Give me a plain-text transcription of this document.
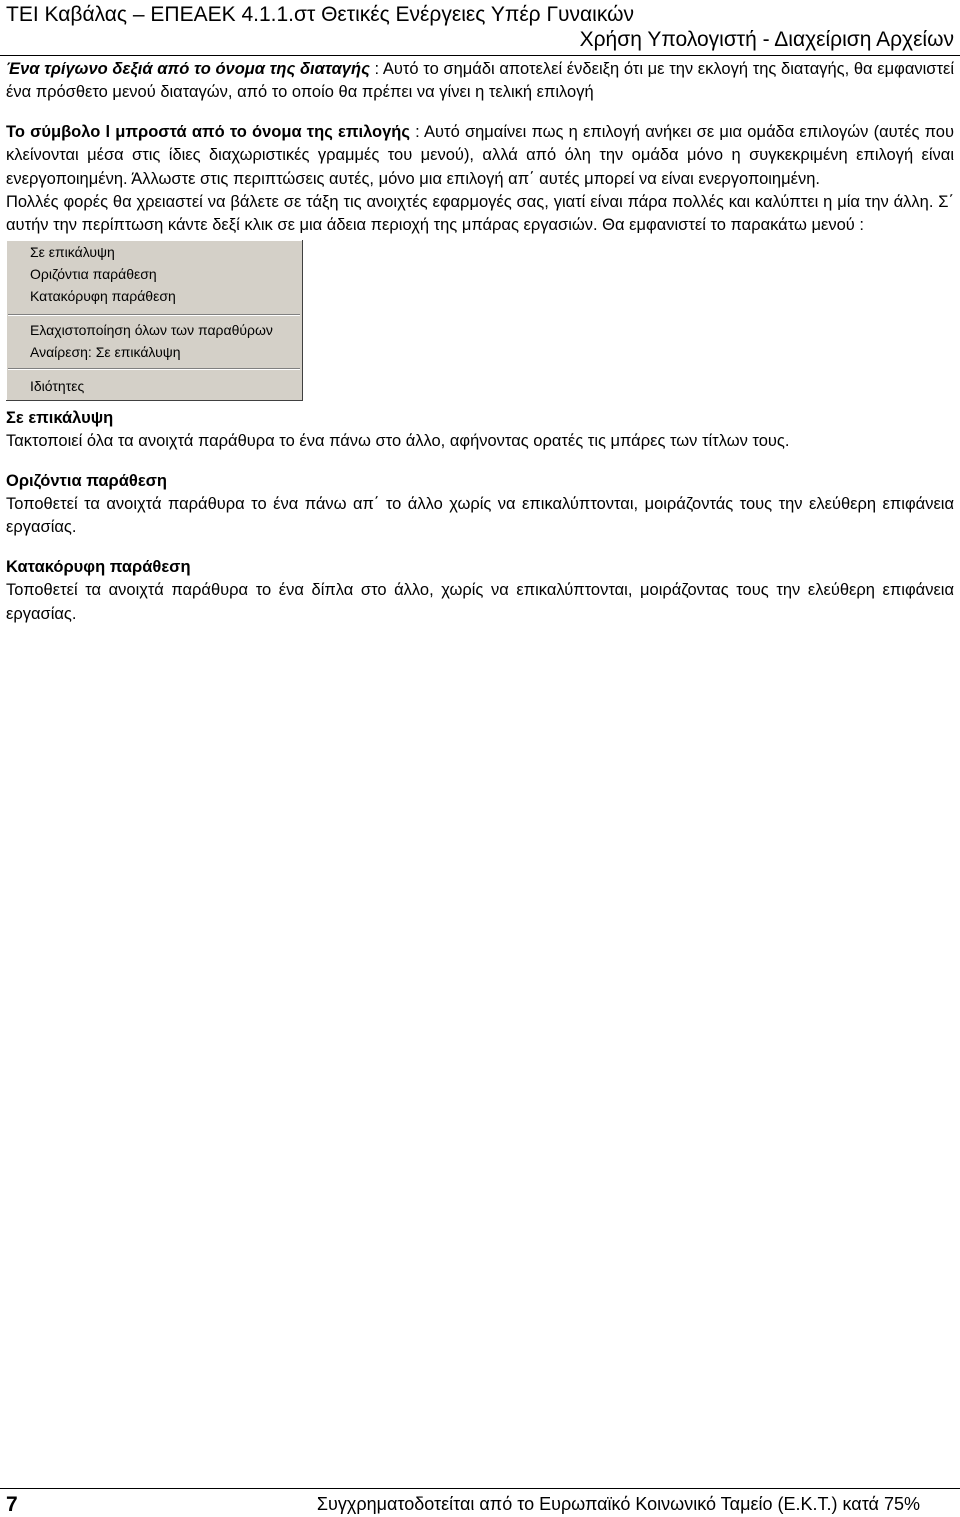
ΤΕΙ Καβάλας – ΕΠΕΑΕΚ 4.1.1.στ Θετικές Ενέργειες Υπέρ Γυναικών
Χρήση Υπολογιστή - Διαχείριση Αρχείων

Ένα τρίγωνο δεξιά από το όνομα της διαταγής : Αυτό το σημάδι αποτελεί ένδειξη ότι με την εκλογή της διαταγής, θα εμφανιστεί ένα πρόσθετο μενού διαταγών, από το οποίο θα πρέπει να γίνει η τελική επιλογή

Το σύμβολο l μπροστά από το όνομα της επιλογής : Αυτό σημαίνει πως η επιλογή ανήκει σε μια ομάδα επιλογών (αυτές που κλείνονται μέσα στις ίδιες διαχωριστικές γραμμές του μενού), αλλά από όλη την ομάδα μόνο η συγκεκριμένη επιλογή είναι ενεργοποιημένη. Άλλωστε στις περιπτώσεις αυτές, μόνο μια επιλογή απ΄ αυτές μπορεί να είναι ενεργοποιημένη.

Πολλές φορές θα χρειαστεί να βάλετε σε τάξη τις ανοιχτές εφαρμογές σας, γιατί είναι πάρα πολλές και καλύπτει η μία την άλλη. Σ΄ αυτήν την περίπτωση κάντε δεξί κλικ σε μια άδεια περιοχή της μπάρας εργασιών. Θα εμφανιστεί το παρακάτω μενού :

Σε επικάλυψη
Οριζόντια παράθεση
Κατακόρυφη παράθεση
Ελαχιστοποίηση όλων των παραθύρων
Αναίρεση: Σε επικάλυψη
Ιδιότητες

Σε επικάλυψη

Τακτοποιεί όλα τα ανοιχτά παράθυρα το ένα πάνω στο άλλο, αφήνοντας ορατές τις μπάρες των τίτλων τους.

Οριζόντια παράθεση

Τοποθετεί τα ανοιχτά παράθυρα το ένα πάνω απ΄ το άλλο χωρίς να επικαλύπτονται, μοιράζοντάς τους την ελεύθερη επιφάνεια εργασίας.

Κατακόρυφη παράθεση

Τοποθετεί τα ανοιχτά παράθυρα το ένα δίπλα στο άλλο, χωρίς να επικαλύπτονται, μοιράζοντας τους την ελεύθερη επιφάνεια εργασίας.

7	Συγχρηματοδοτείται από το Ευρωπαϊκό Κοινωνικό Ταμείο (Ε.Κ.Τ.) κατά 75%
